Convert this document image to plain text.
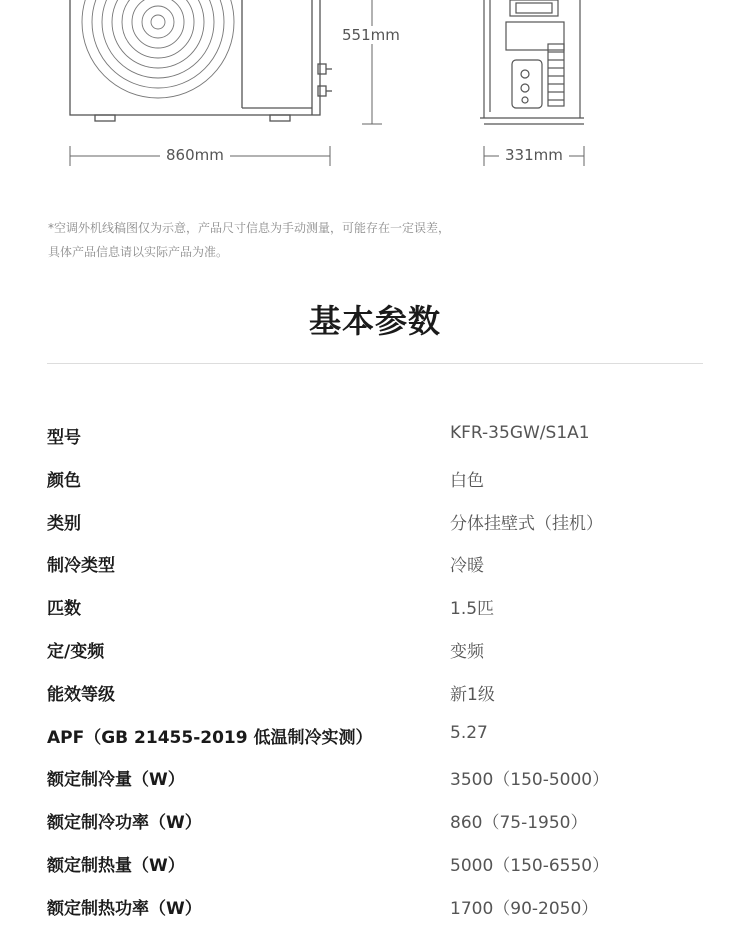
551mm
860mm	331mm
*空调外机线稿图仅为示意，产品尺寸信息为手动测量，可能存在一定误差，
具体产品信息请以实际产品为准。
基本参数
型号	KFR-35GW/S1A1
颜色	白色
类别	分体挂壁式（挂机）
制冷类型	冷暖
匹数	1.5匹
定/变频	变频
能效等级	新1级
APF（GB 21455-2019 低温制冷实测）	5.27
额定制冷量（W）	3500（150-5000）
额定制冷功率（W）	860（75-1950）
额定制热量（W）	5000（150-6550）
额定制热功率（W）	1700（90-2050）
